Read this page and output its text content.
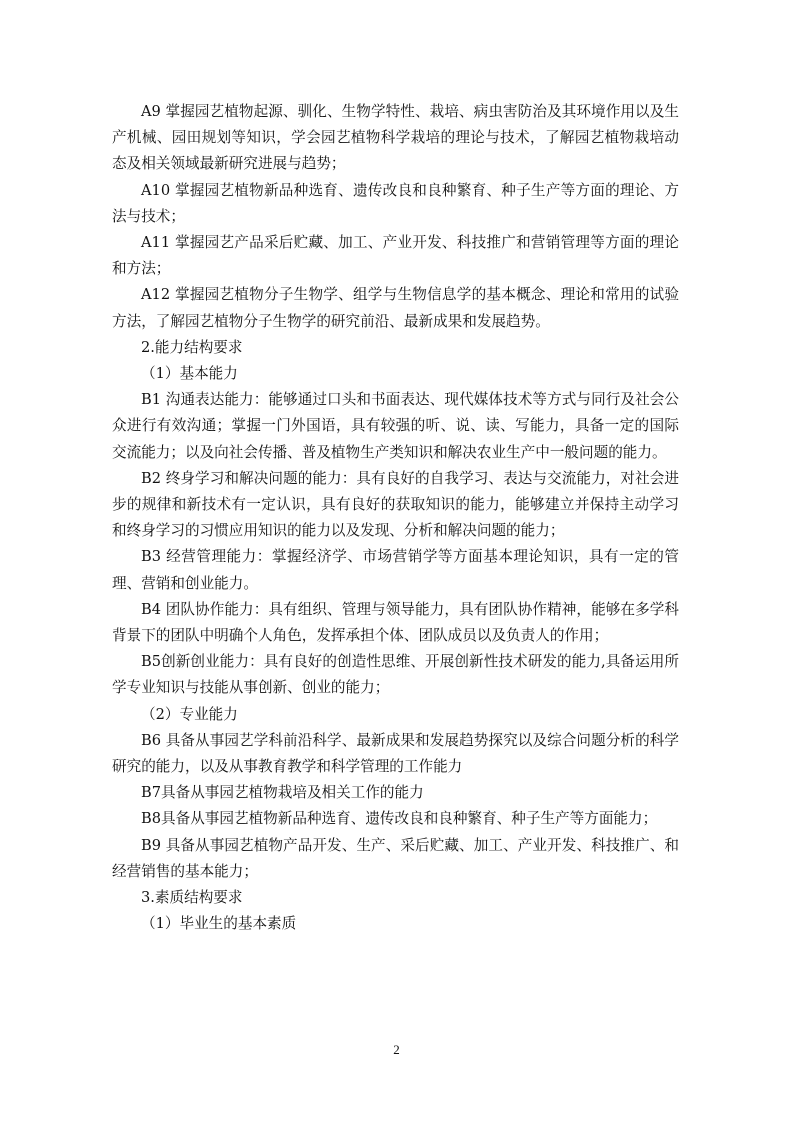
A9 掌握园艺植物起源、驯化、生物学特性、栽培、病虫害防治及其环境作用以及生产机械、园田规划等知识，学会园艺植物科学栽培的理论与技术，了解园艺植物栽培动态及相关领域最新研究进展与趋势；

A10 掌握园艺植物新品种选育、遗传改良和良种繁育、种子生产等方面的理论、方法与技术；

A11 掌握园艺产品采后贮藏、加工、产业开发、科技推广和营销管理等方面的理论和方法；

A12 掌握园艺植物分子生物学、组学与生物信息学的基本概念、理论和常用的试验方法，了解园艺植物分子生物学的研究前沿、最新成果和发展趋势。

2.能力结构要求

（1）基本能力

B1 沟通表达能力：能够通过口头和书面表达、现代媒体技术等方式与同行及社会公众进行有效沟通；掌握一门外国语，具有较强的听、说、读、写能力，具备一定的国际交流能力；以及向社会传播、普及植物生产类知识和解决农业生产中一般问题的能力。

B2 终身学习和解决问题的能力：具有良好的自我学习、表达与交流能力，对社会进步的规律和新技术有一定认识，具有良好的获取知识的能力，能够建立并保持主动学习和终身学习的习惯应用知识的能力以及发现、分析和解决问题的能力；

B3 经营管理能力：掌握经济学、市场营销学等方面基本理论知识，具有一定的管理、营销和创业能力。

B4 团队协作能力：具有组织、管理与领导能力，具有团队协作精神，能够在多学科背景下的团队中明确个人角色，发挥承担个体、团队成员以及负责人的作用；

B5创新创业能力：具有良好的创造性思维、开展创新性技术研发的能力,具备运用所学专业知识与技能从事创新、创业的能力；

（2）专业能力

B6 具备从事园艺学科前沿科学、最新成果和发展趋势探究以及综合问题分析的科学研究的能力，以及从事教育教学和科学管理的工作能力

B7具备从事园艺植物栽培及相关工作的能力

B8具备从事园艺植物新品种选育、遗传改良和良种繁育、种子生产等方面能力；

B9 具备从事园艺植物产品开发、生产、采后贮藏、加工、产业开发、科技推广、和经营销售的基本能力；

3.素质结构要求

（1）毕业生的基本素质

2
